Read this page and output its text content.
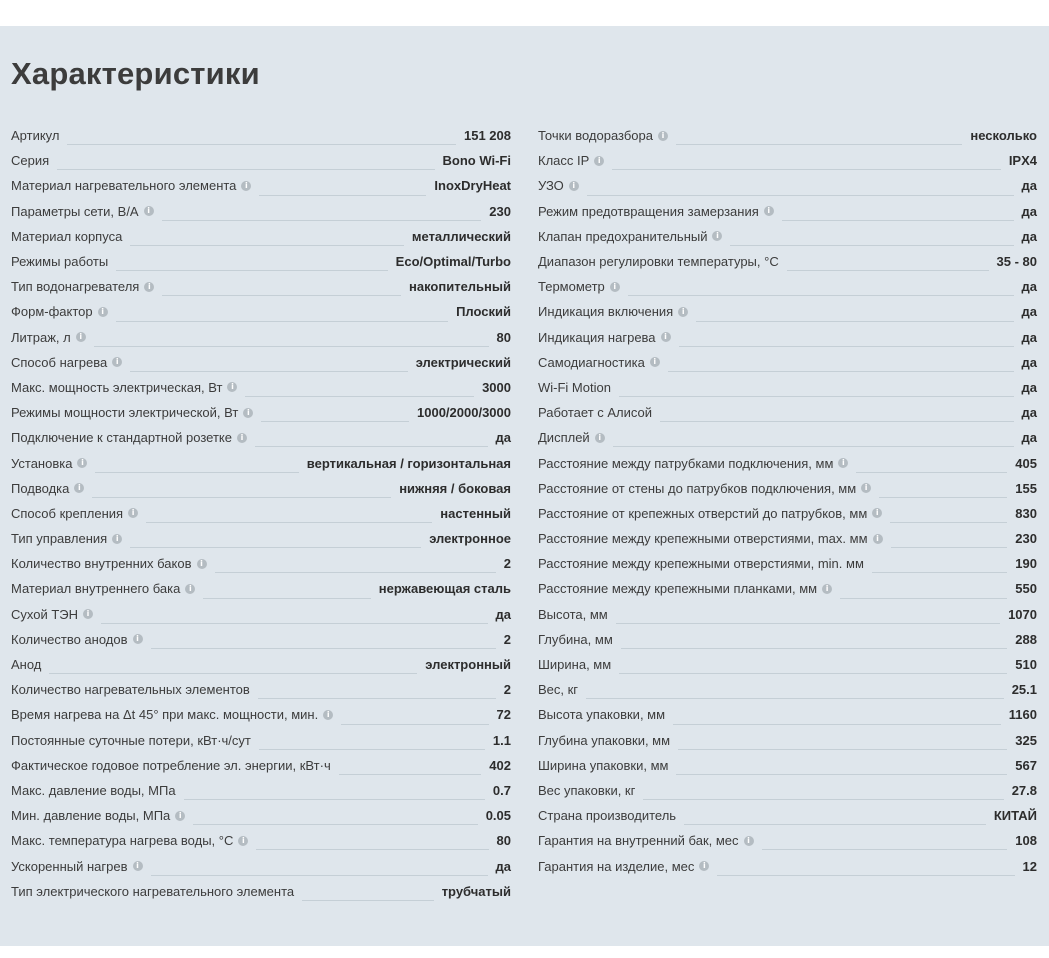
Характеристики
Артикул	151 208
Серия	Bono Wi-Fi
Материал нагревательного элемента	i	InoxDryHeat
Параметры сети, В/А	i	230
Материал корпуса	металлический
Режимы работы	Eco/Optimal/Turbo
Тип водонагревателя	i	накопительный
Форм-фактор	i	Плоский
Литраж, л	i	80
Способ нагрева	i	электрический
Макс. мощность электрическая, Вт	i	3000
Режимы мощности электрической, Вт	i	1000/2000/3000
Подключение к стандартной розетке	i	да
Установка	i	вертикальная / горизонтальная
Подводка	i	нижняя / боковая
Способ крепления	i	настенный
Тип управления	i	электронное
Количество внутренних баков	i	2
Материал внутреннего бака	i	нержавеющая сталь
Сухой ТЭН	i	да
Количество анодов	i	2
Анод	электронный
Количество нагревательных элементов	2
Время нагрева на Δt 45° при макс. мощности, мин.	i	72
Постоянные суточные потери, кВт·ч/сут	1.1
Фактическое годовое потребление эл. энергии, кВт·ч	402
Макс. давление воды, МПа	0.7
Мин. давление воды, МПа	i	0.05
Макс. температура нагрева воды, °C	i	80
Ускоренный нагрев	i	да
Тип электрического нагревательного элемента	трубчатый
Точки водоразбора	i	несколько
Класс IP	i	IPX4
УЗО	i	да
Режим предотвращения замерзания	i	да
Клапан предохранительный	i	да
Диапазон регулировки температуры, °C	35 - 80
Термометр	i	да
Индикация включения	i	да
Индикация нагрева	i	да
Самодиагностика	i	да
Wi-Fi Motion	да
Работает с Алисой	да
Дисплей	i	да
Расстояние между патрубками подключения, мм	i	405
Расстояние от стены до патрубков подключения, мм	i	155
Расстояние от крепежных отверстий до патрубков, мм	i	830
Расстояние между крепежными отверстиями, max. мм	i	230
Расстояние между крепежными отверстиями, min. мм	190
Расстояние между крепежными планками, мм	i	550
Высота, мм	1070
Глубина, мм	288
Ширина, мм	510
Вес, кг	25.1
Высота упаковки, мм	1160
Глубина упаковки, мм	325
Ширина упаковки, мм	567
Вес упаковки, кг	27.8
Страна производитель	КИТАЙ
Гарантия на внутренний бак, мес	i	108
Гарантия на изделие, мес	i	12
